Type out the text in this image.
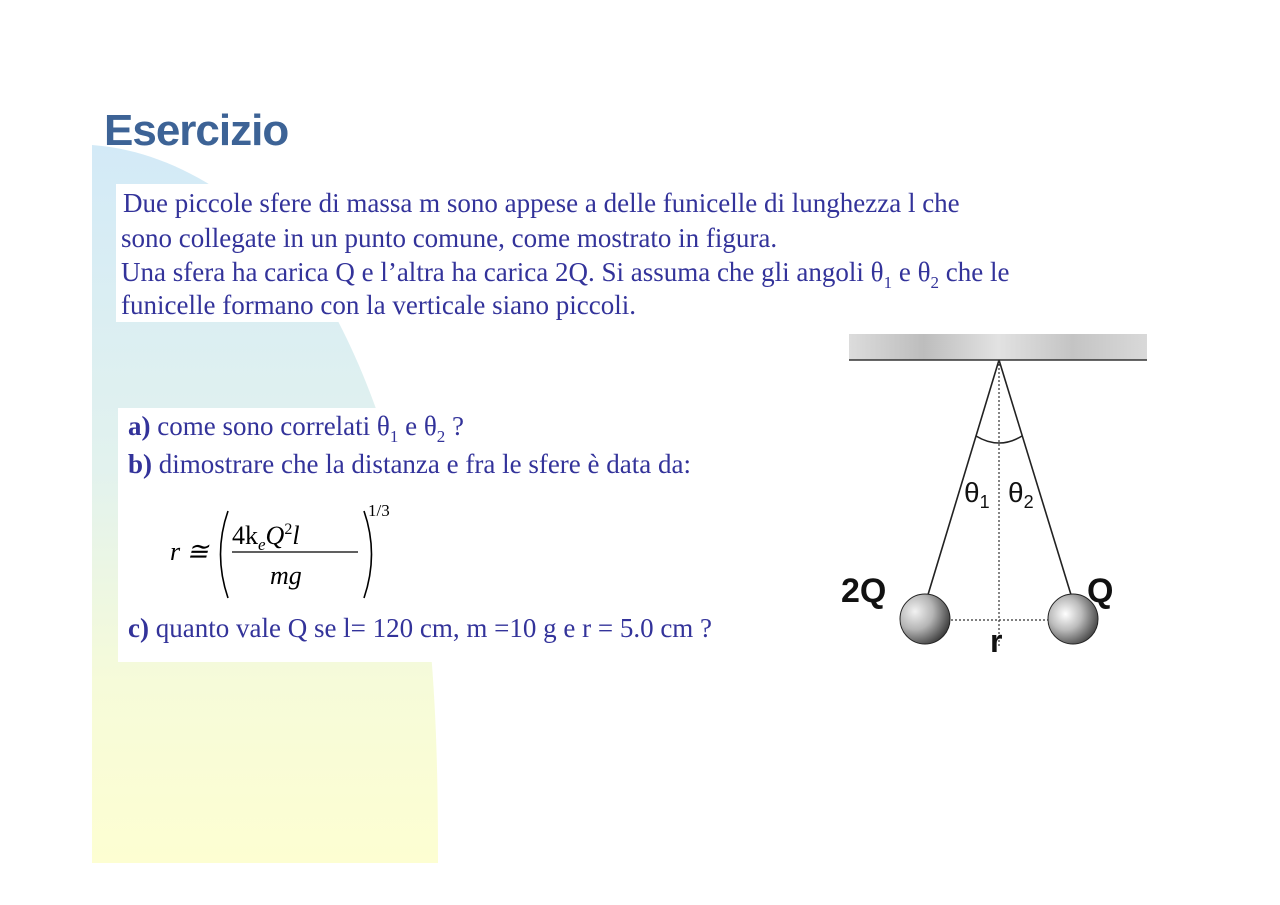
Esercizio

Due piccole sfere di massa m sono appese a delle funicelle di lunghezza l che

sono collegate in un punto comune, come mostrato in figura.

Una sfera ha carica Q e l’altra ha carica 2Q. Si assuma che gli angoli $\theta_1$ e $\theta_2$ che le

funicelle formano con la verticale siano piccoli.

a) come sono correlati $\theta_1$ e $\theta_2$ ?

b) dimostrare che la distanza e fra le sfere è data da:

r ≅
$4k_eQ^2l$
mg
1/3

c) quanto vale Q se l= 120 cm, m =10 g e r = 5.0 cm ?

$\theta_1$ $\theta_2$
2Q	Q
r
